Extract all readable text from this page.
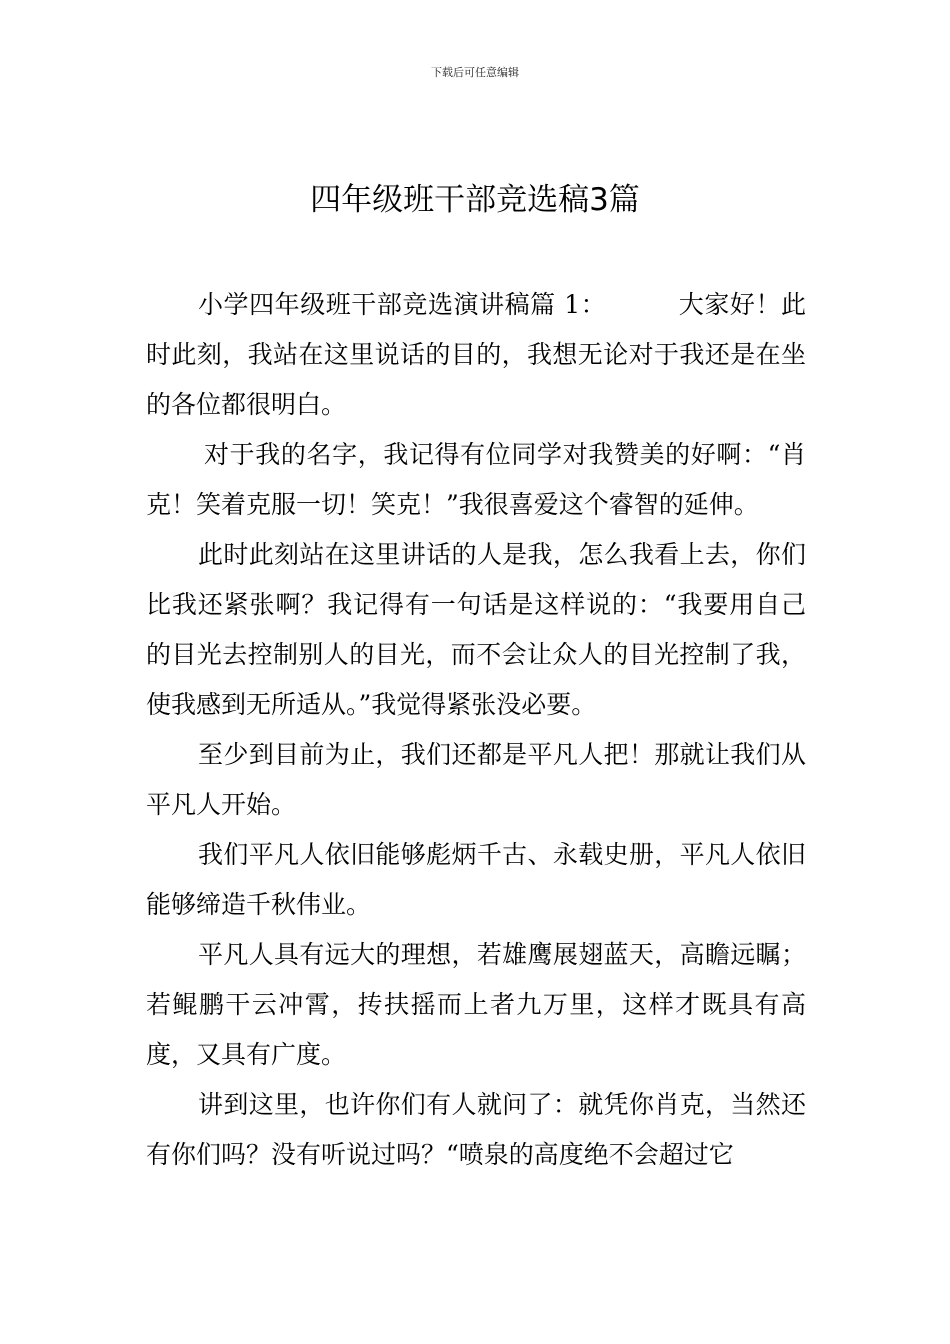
下载后可任意编辑
四年级班干部竞选稿3篇

小学四年级班干部竞选演讲稿篇 1：	大家好！此时此刻，我站在这里说话的目的，我想无论对于我还是在坐的各位都很明白。

对于我的名字，我记得有位同学对我赞美的好啊：“肖克！笑着克服一切！笑克！”我很喜爱这个睿智的延伸。

此时此刻站在这里讲话的人是我，怎么我看上去，你们比我还紧张啊？我记得有一句话是这样说的：“我要用自己的目光去控制别人的目光，而不会让众人的目光控制了我，使我感到无所适从。”我觉得紧张没必要。

至少到目前为止，我们还都是平凡人把！那就让我们从平凡人开始。

我们平凡人依旧能够彪炳千古、永载史册，平凡人依旧能够缔造千秋伟业。

平凡人具有远大的理想，若雄鹰展翅蓝天，高瞻远瞩；若鲲鹏干云冲霄，抟扶摇而上者九万里，这样才既具有高度，又具有广度。

讲到这里，也许你们有人就问了：就凭你肖克，当然还有你们吗？没有听说过吗？“喷泉的高度绝不会超过它
